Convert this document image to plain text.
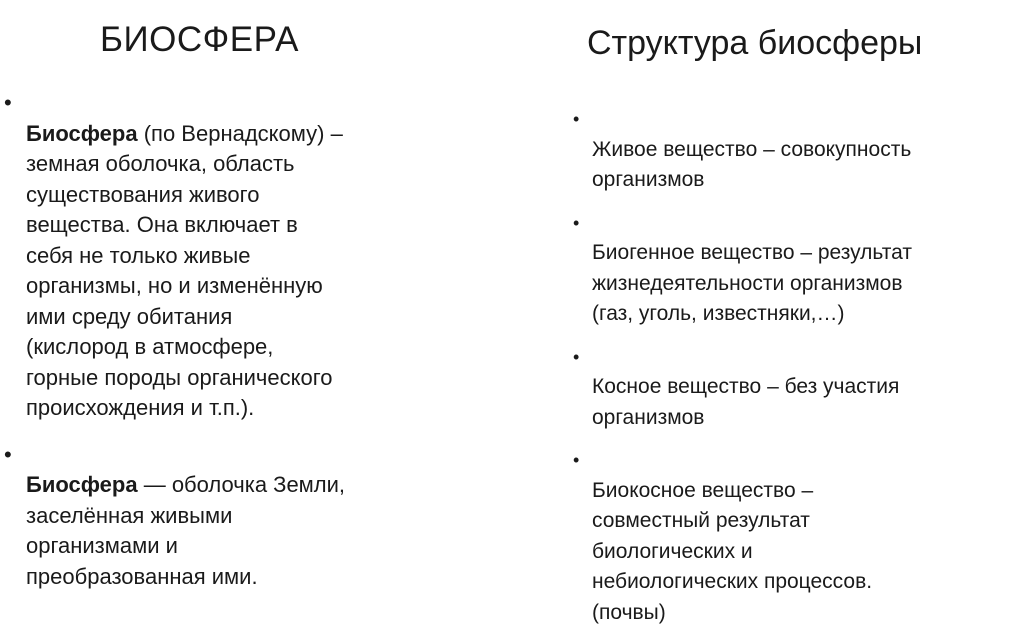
БИОСФЕРА	Структура биосферы

•
Биосфера (по Вернадскому) –
земная оболочка, область
существования живого
вещества. Она включает в
себя не только живые
организмы, но и изменённую
ими среду обитания
(кислород в атмосфере,
горные породы органического
происхождения и т.п.).

•
Биосфера — оболочка Земли,
заселённая живыми
организмами и
преобразованная ими.

•
Живое вещество – совокупность
организмов

•
Биогенное вещество – результат
жизнедеятельности организмов
(газ, уголь, известняки,…)

•
Косное вещество – без участия
организмов

•
Биокосное вещество –
совместный результат
биологических и
небиологических процессов.
(почвы)
